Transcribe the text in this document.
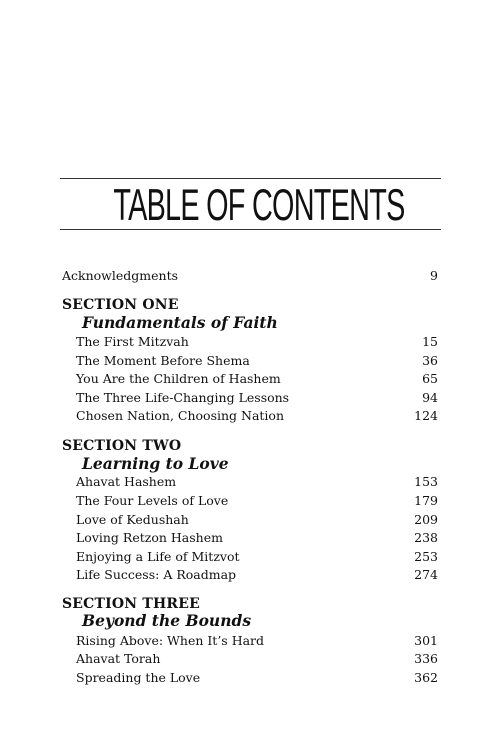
TABLE OF CONTENTS
Acknowledgments	9
SECTION ONE
Fundamentals of Faith
The First Mitzvah	15
The Moment Before Shema	36
You Are the Children of Hashem	65
The Three Life-Changing Lessons	94
Chosen Nation, Choosing Nation	124
SECTION TWO
Learning to Love
Ahavat Hashem	153
The Four Levels of Love	179
Love of Kedushah	209
Loving Retzon Hashem	238
Enjoying a Life of Mitzvot	253
Life Success: A Roadmap	274
SECTION THREE
Beyond the Bounds
Rising Above: When It’s Hard	301
Ahavat Torah	336
Spreading the Love	362
